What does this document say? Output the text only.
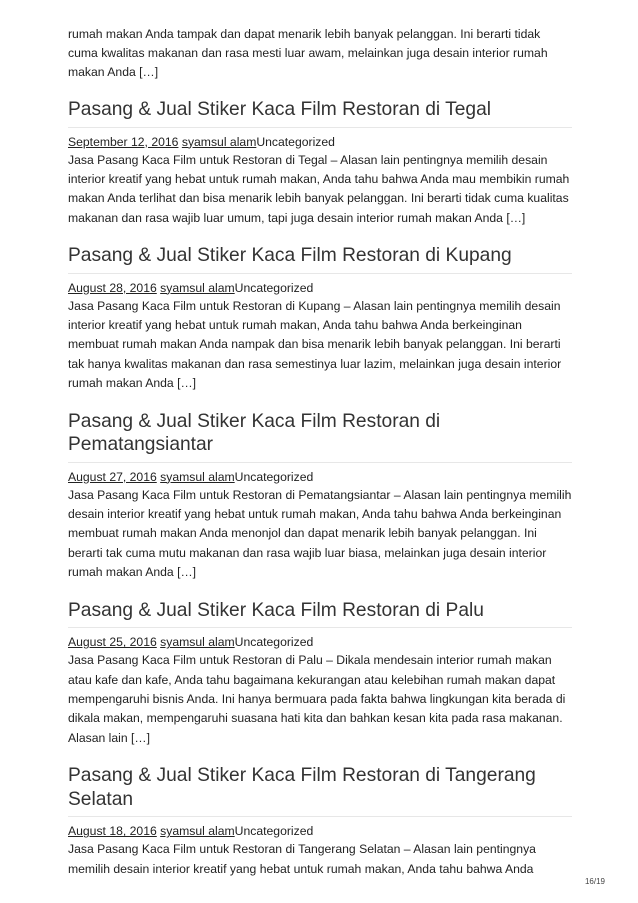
rumah makan Anda tampak dan dapat menarik lebih banyak pelanggan. Ini berarti tidak cuma kwalitas makanan dan rasa mesti luar awam, melainkan juga desain interior rumah makan Anda […]
Pasang & Jual Stiker Kaca Film Restoran di Tegal
September 12, 2016 syamsul alamUncategorized
Jasa Pasang Kaca Film untuk Restoran di Tegal – Alasan lain pentingnya memilih desain interior kreatif yang hebat untuk rumah makan, Anda tahu bahwa Anda mau membikin rumah makan Anda terlihat dan bisa menarik lebih banyak pelanggan. Ini berarti tidak cuma kualitas makanan dan rasa wajib luar umum, tapi juga desain interior rumah makan Anda […]
Pasang & Jual Stiker Kaca Film Restoran di Kupang
August 28, 2016 syamsul alamUncategorized
Jasa Pasang Kaca Film untuk Restoran di Kupang – Alasan lain pentingnya memilih desain interior kreatif yang hebat untuk rumah makan, Anda tahu bahwa Anda berkeinginan membuat rumah makan Anda nampak dan bisa menarik lebih banyak pelanggan. Ini berarti tak hanya kwalitas makanan dan rasa semestinya luar lazim, melainkan juga desain interior rumah makan Anda […]
Pasang & Jual Stiker Kaca Film Restoran di Pematangsiantar
August 27, 2016 syamsul alamUncategorized
Jasa Pasang Kaca Film untuk Restoran di Pematangsiantar – Alasan lain pentingnya memilih desain interior kreatif yang hebat untuk rumah makan, Anda tahu bahwa Anda berkeinginan membuat rumah makan Anda menonjol dan dapat menarik lebih banyak pelanggan. Ini berarti tak cuma mutu makanan dan rasa wajib luar biasa, melainkan juga desain interior rumah makan Anda […]
Pasang & Jual Stiker Kaca Film Restoran di Palu
August 25, 2016 syamsul alamUncategorized
Jasa Pasang Kaca Film untuk Restoran di Palu – Dikala mendesain interior rumah makan atau kafe dan kafe, Anda tahu bagaimana kekurangan atau kelebihan rumah makan dapat mempengaruhi bisnis Anda. Ini hanya bermuara pada fakta bahwa lingkungan kita berada di dikala makan, mempengaruhi suasana hati kita dan bahkan kesan kita pada rasa makanan. Alasan lain […]
Pasang & Jual Stiker Kaca Film Restoran di Tangerang Selatan
August 18, 2016 syamsul alamUncategorized
Jasa Pasang Kaca Film untuk Restoran di Tangerang Selatan – Alasan lain pentingnya memilih desain interior kreatif yang hebat untuk rumah makan, Anda tahu bahwa Anda
16/19
